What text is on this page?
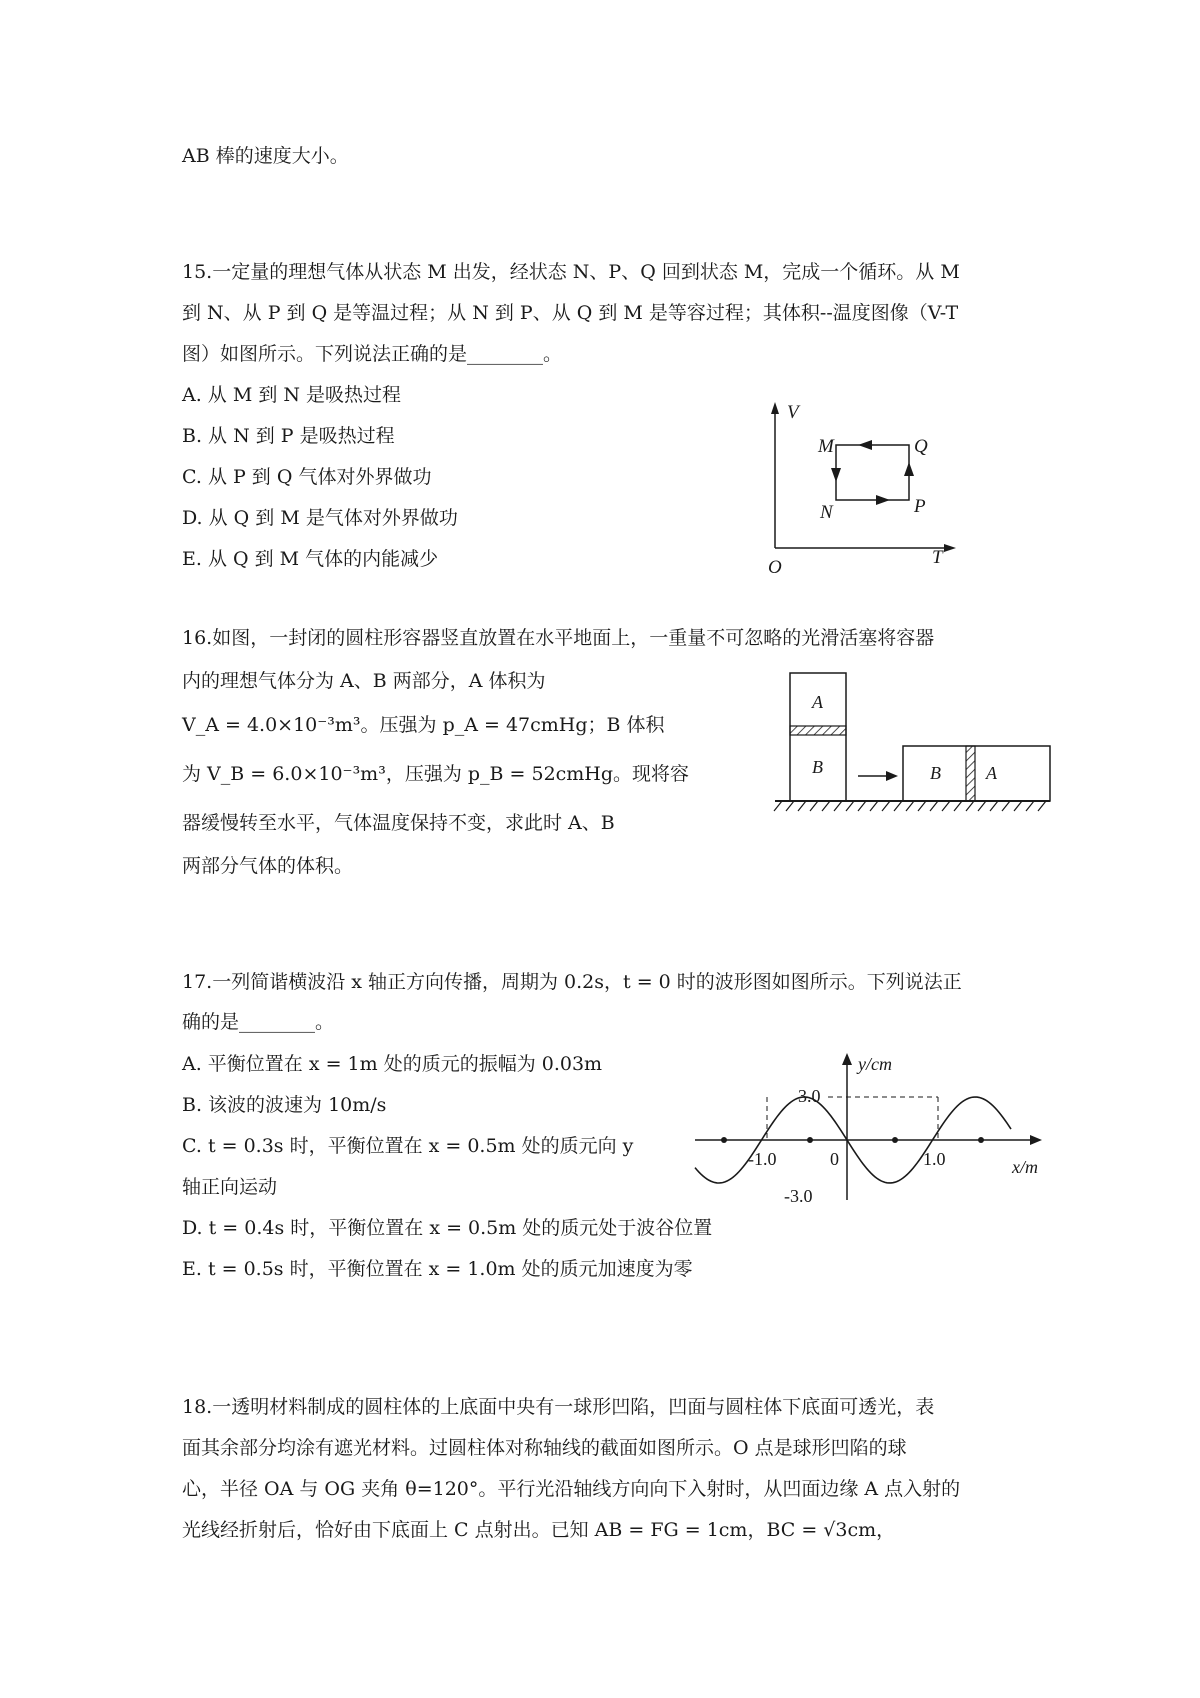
AB 棒的速度大小。
15.一定量的理想气体从状态 M 出发，经状态 N、P、Q 回到状态 M，完成一个循环。从 M
到 N、从 P 到 Q 是等温过程；从 N 到 P、从 Q 到 M 是等容过程；其体积--温度图像（V-T
图）如图所示。下列说法正确的是________。
A. 从 M 到 N 是吸热过程
B. 从 N 到 P 是吸热过程
C. 从 P 到 Q 气体对外界做功
D. 从 Q 到 M 是气体对外界做功
E. 从 Q 到 M 气体的内能减少
V
T
O
M	Q
N	P
16.如图，一封闭的圆柱形容器竖直放置在水平地面上，一重量不可忽略的光滑活塞将容器
内的理想气体分为 A、B 两部分，A 体积为
V_A = 4.0×10⁻³m³。压强为 p_A = 47cmHg；B 体积
为 V_B = 6.0×10⁻³m³，压强为 p_B = 52cmHg。现将容
器缓慢转至水平，气体温度保持不变，求此时 A、B
两部分气体的体积。
A
B	B	A
17.一列简谐横波沿 x 轴正方向传播，周期为 0.2s，t = 0 时的波形图如图所示。下列说法正
确的是________。
A. 平衡位置在 x = 1m 处的质元的振幅为 0.03m
B. 该波的波速为 10m/s
C. t = 0.3s 时，平衡位置在 x = 0.5m 处的质元向 y
轴正向运动
D. t = 0.4s 时，平衡位置在 x = 0.5m 处的质元处于波谷位置
E. t = 0.5s 时，平衡位置在 x = 1.0m 处的质元加速度为零
3.0
-3.0
-1.0	1.0
0
y/cm
x/m
18.一透明材料制成的圆柱体的上底面中央有一球形凹陷，凹面与圆柱体下底面可透光，表
面其余部分均涂有遮光材料。过圆柱体对称轴线的截面如图所示。O 点是球形凹陷的球
心，半径 OA 与 OG 夹角 θ=120°。平行光沿轴线方向向下入射时，从凹面边缘 A 点入射的
光线经折射后，恰好由下底面上 C 点射出。已知 AB = FG = 1cm，BC = √3cm，
